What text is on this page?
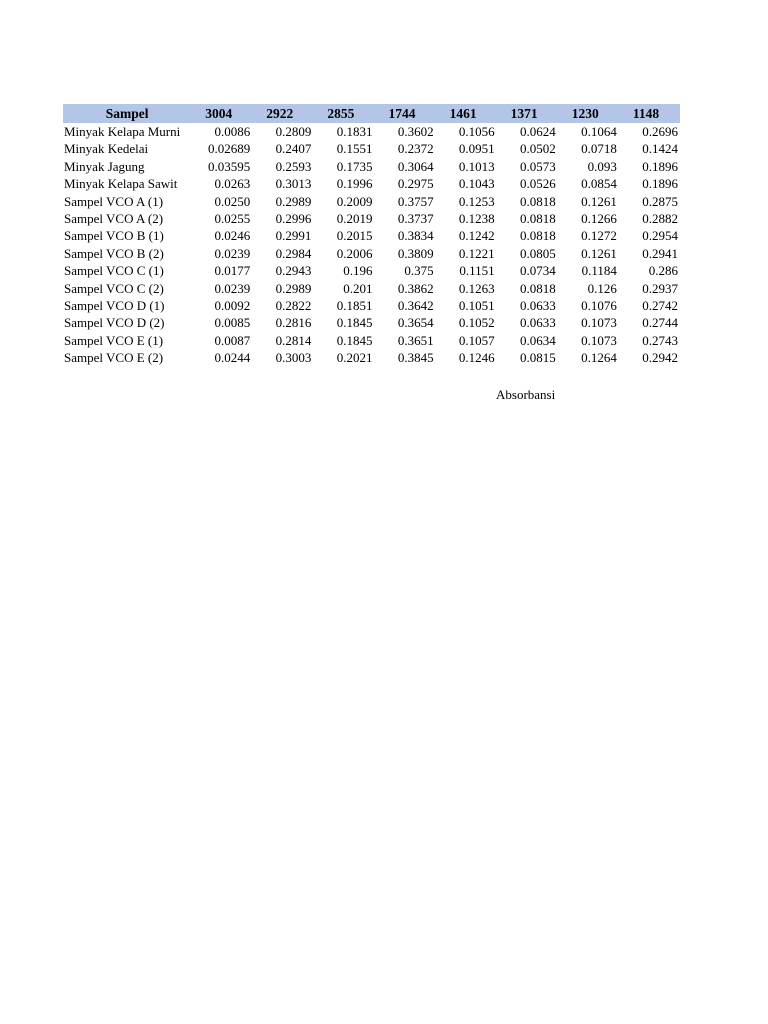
Sampel	3004	2922	2855	1744	1461	1371	1230	1148
Minyak Kelapa Murni	0.0086	0.2809	0.1831	0.3602	0.1056	0.0624	0.1064	0.2696
Minyak Kedelai	0.02689	0.2407	0.1551	0.2372	0.0951	0.0502	0.0718	0.1424
Minyak Jagung	0.03595	0.2593	0.1735	0.3064	0.1013	0.0573	0.093	0.1896
Minyak Kelapa Sawit	0.0263	0.3013	0.1996	0.2975	0.1043	0.0526	0.0854	0.1896
Sampel VCO A (1)	0.0250	0.2989	0.2009	0.3757	0.1253	0.0818	0.1261	0.2875
Sampel VCO A (2)	0.0255	0.2996	0.2019	0.3737	0.1238	0.0818	0.1266	0.2882
Sampel VCO B (1)	0.0246	0.2991	0.2015	0.3834	0.1242	0.0818	0.1272	0.2954
Sampel VCO B (2)	0.0239	0.2984	0.2006	0.3809	0.1221	0.0805	0.1261	0.2941
Sampel VCO C (1)	0.0177	0.2943	0.196	0.375	0.1151	0.0734	0.1184	0.286
Sampel VCO C (2)	0.0239	0.2989	0.201	0.3862	0.1263	0.0818	0.126	0.2937
Sampel VCO D (1)	0.0092	0.2822	0.1851	0.3642	0.1051	0.0633	0.1076	0.2742
Sampel VCO D (2)	0.0085	0.2816	0.1845	0.3654	0.1052	0.0633	0.1073	0.2744
Sampel VCO E (1)	0.0087	0.2814	0.1845	0.3651	0.1057	0.0634	0.1073	0.2743
Sampel VCO E (2)	0.0244	0.3003	0.2021	0.3845	0.1246	0.0815	0.1264	0.2942
Absorbansi
